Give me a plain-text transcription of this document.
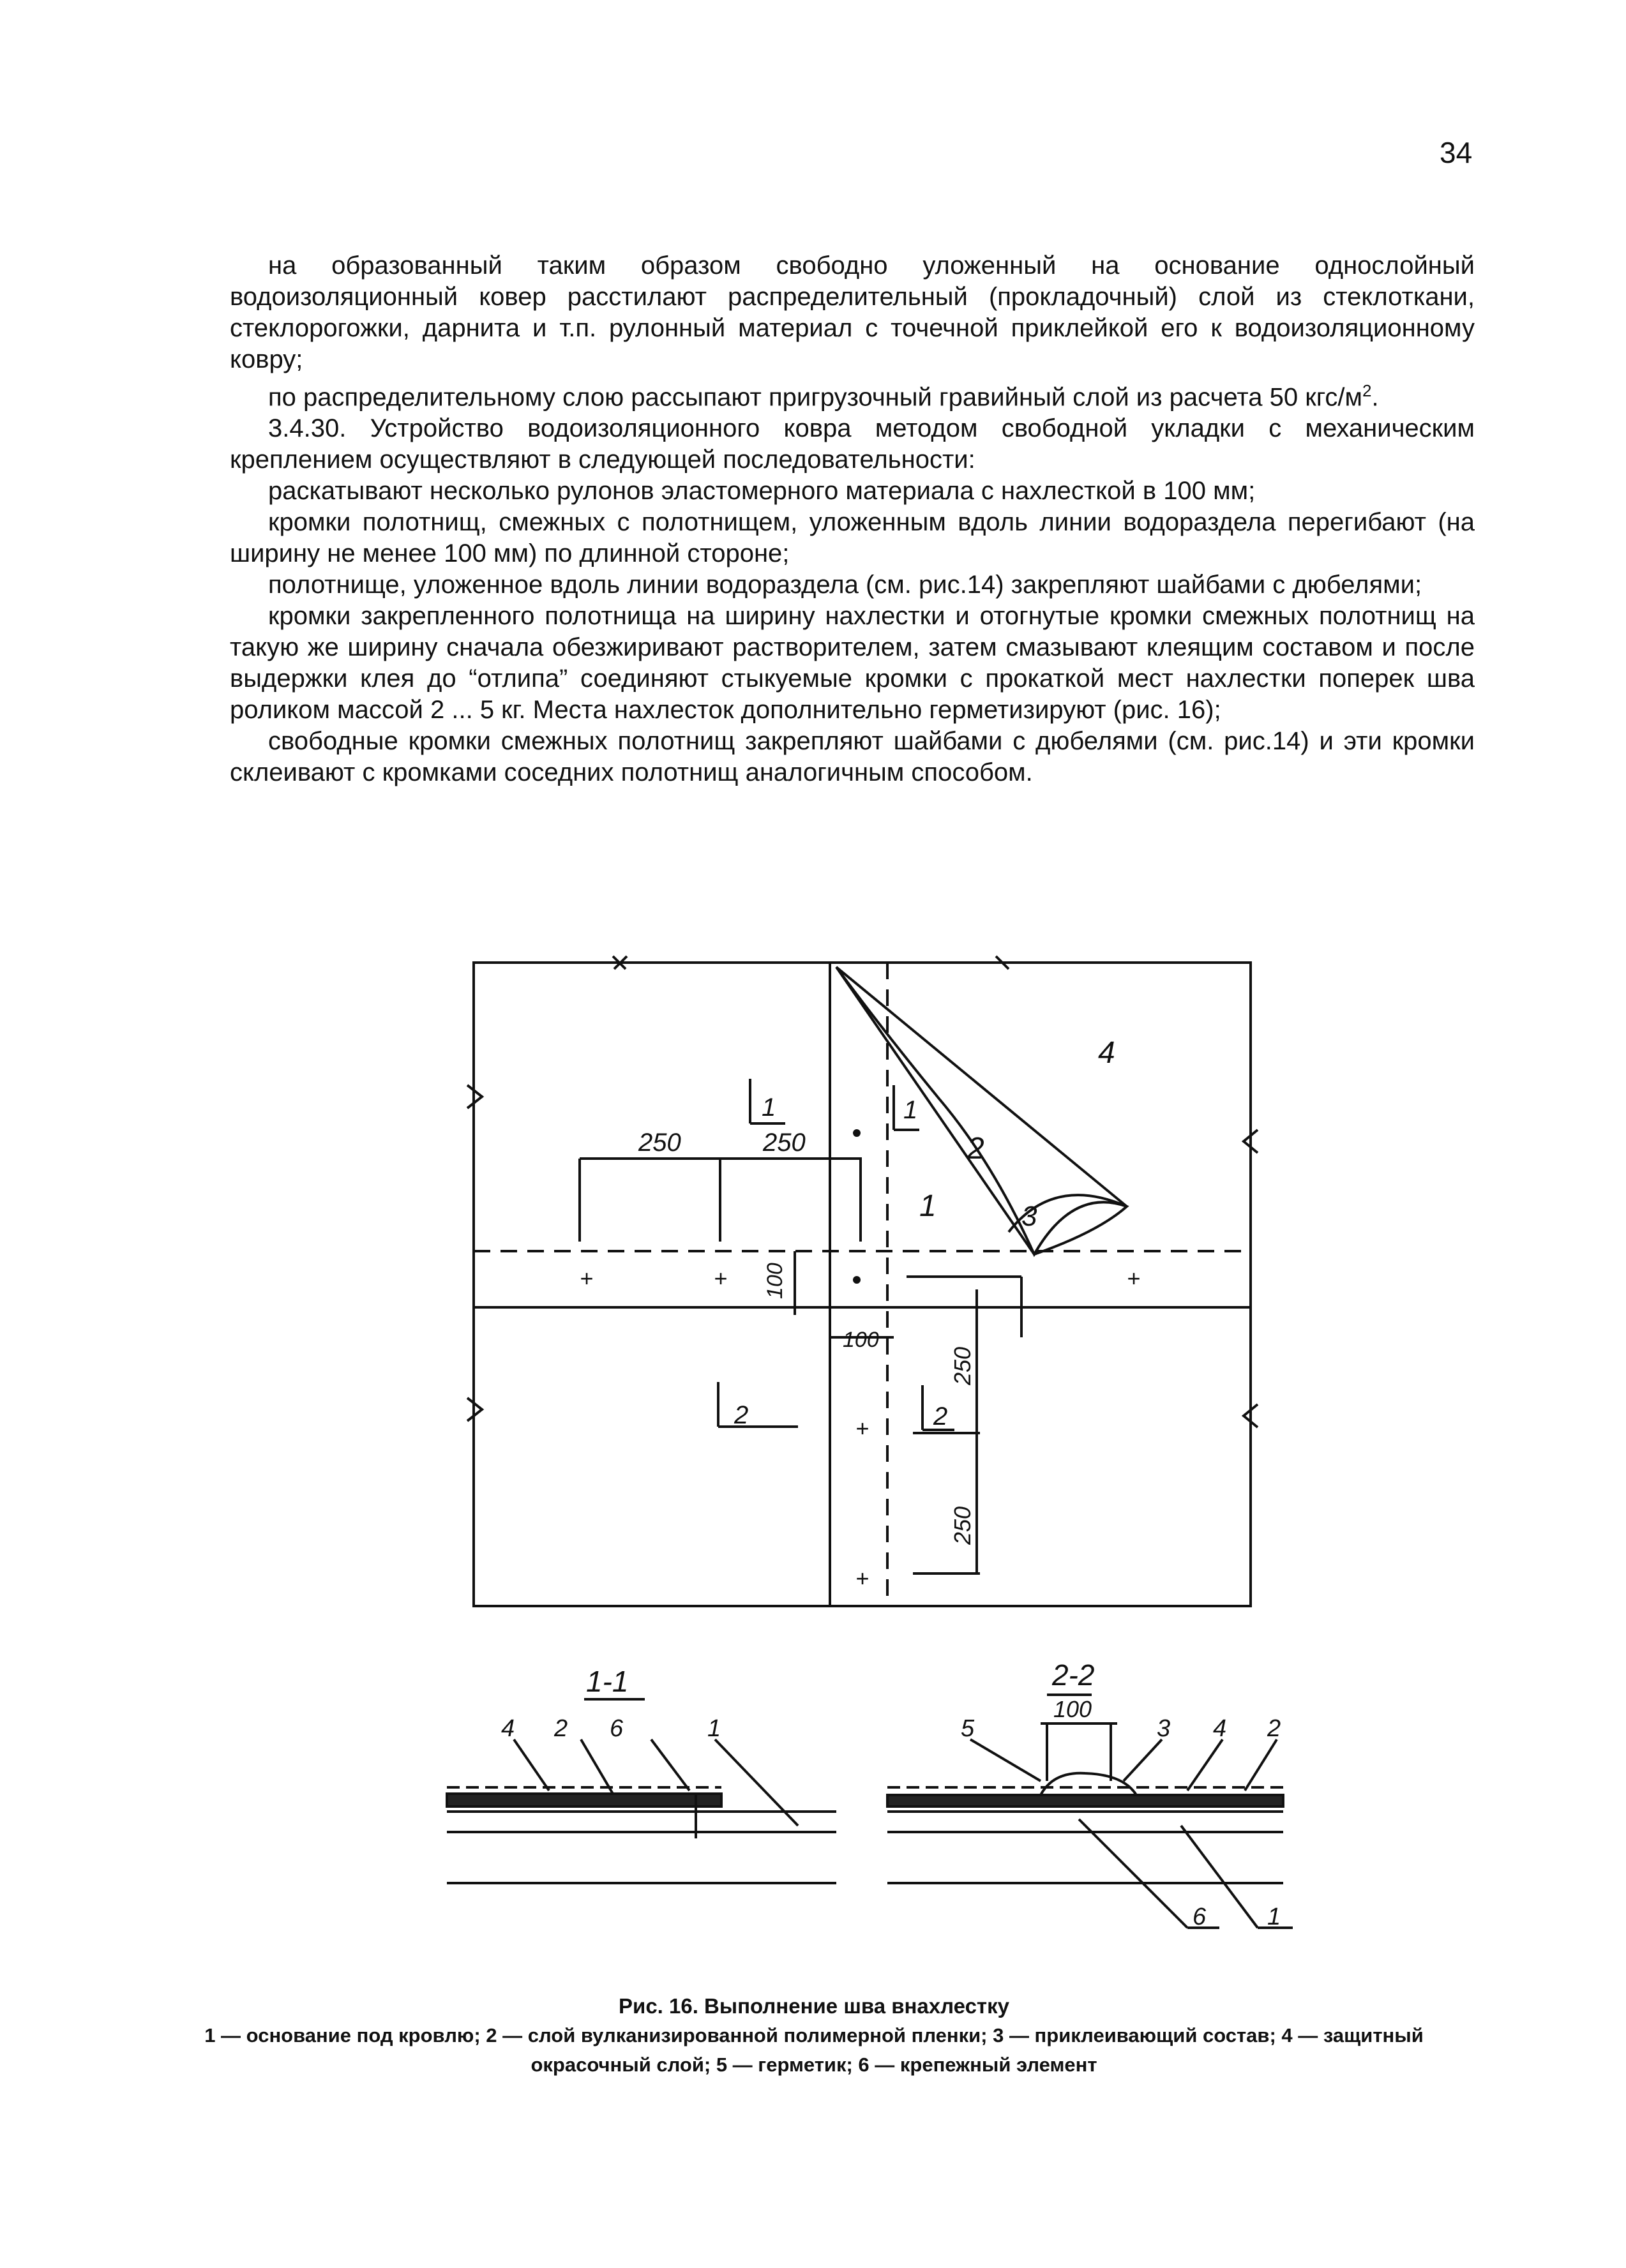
34

на образованный таким образом свободно уложенный на основание однослойный водоизоляционный ковер расстилают распределительный (прокладочный) слой из стеклоткани, стеклорогожки, дарнита и т.п. рулонный материал с точечной приклейкой его к водоизоляционному ковру;

по распределительному слою рассыпают пригрузочный гравийный слой из расчета 50 кгс/$м^2$.

3.4.30. Устройство водоизоляционного ковра методом свободной укладки с механическим креплением осуществляют в следующей последовательности:

раскатывают несколько рулонов эластомерного материала с нахлесткой в 100 мм;

кромки полотнищ, смежных с полотнищем, уложенным вдоль линии водораздела перегибают (на ширину не менее 100 мм) по длинной стороне;

полотнище, уложенное вдоль линии водораздела (см. рис.14) закрепляют шайбами с дюбелями;

кромки закрепленного полотнища на ширину нахлестки и отогнутые кромки смежных полотнищ на такую же ширину сначала обезжиривают растворителем, затем смазывают клеящим составом и после выдержки клея до “отлипа” соединяют стыкуемые кромки с прокаткой мест нахлестки поперек шва роликом массой 2 ... 5 кг. Места нахлесток дополнительно герметизируют (рис. 16);

свободные кромки смежных полотнищ закрепляют шайбами с дюбелями (см. рис.14) и эти кромки склеивают с кромками соседних полотнищ аналогичным способом.

250	250
1	1
2	2
100
100
250
250
1
2
3
4
+	+	+
+
+
1-1
4 2 6	1
2-2
100
5	3 4 2
6	1
Рис. 16. Выполнение шва внахлестку
1 — основание под кровлю; 2 — слой вулканизированной полимерной пленки; 3 — приклеивающий состав; 4 — защитный окрасочный слой; 5 — герметик; 6 — крепежный элемент
